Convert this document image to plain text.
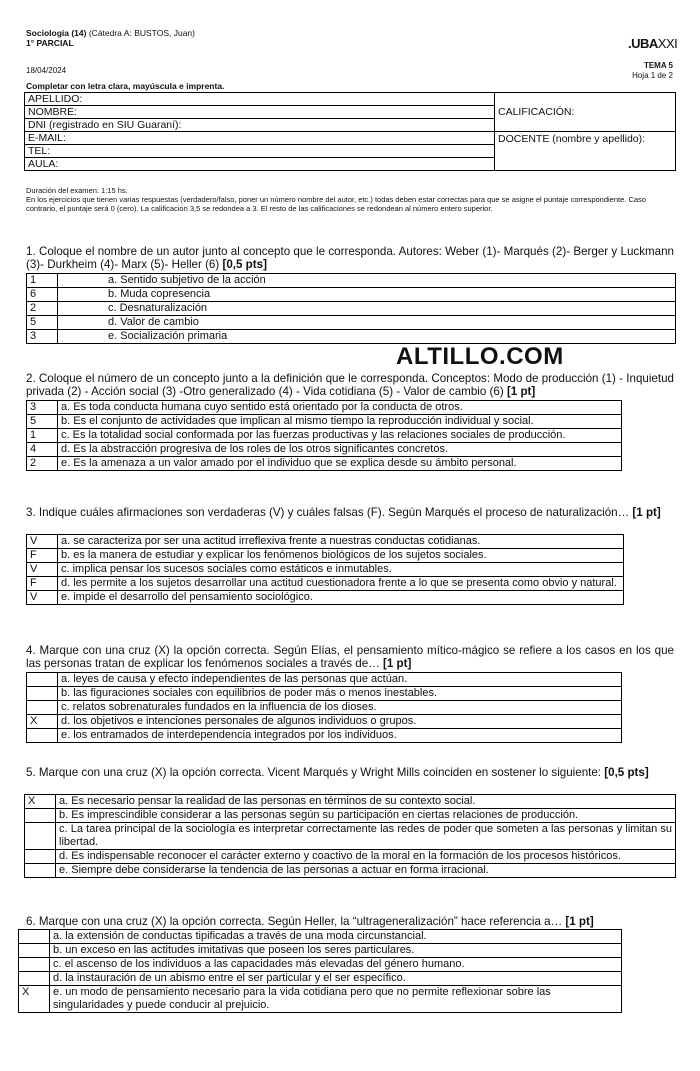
Sociología (14) (Cátedra A: BUSTOS, Juan)
1° PARCIAL
18/04/2024
.UBAXXI
TEMA 5
Hoja 1 de 2
Completar con letra clara, mayúscula e imprenta.
APELLIDO:	CALIFICACIÓN:
NOMBRE:	
DNI (registrado en SIU Guaraní):	
E-MAIL:	DOCENTE (nombre y apellido):
TEL:	
AULA:	
Duración del examen: 1:15 hs.
En los ejercicios que tienen varias respuestas (verdadero/falso, poner un número nombre del autor, etc.) todas deben estar correctas para que se asigne el puntaje correspondiente. Caso contrario, el puntaje será 0 (cero). La calificación 3,5 se redondea a 3. El resto de las calificaciones se redondean al número entero superior.
1. Coloque el nombre de un autor junto al concepto que le corresponda. Autores: Weber (1)- Marqués (2)- Berger y Luckmann (3)- Durkheim (4)- Marx (5)- Heller (6) [0,5 pts]
1	a. Sentido subjetivo de la acción
6	b. Muda copresencia
2	c. Desnaturalización
5	d. Valor de cambio
3	e. Socialización primaria
ALTILLO.COM
2. Coloque el número de un concepto junto a la definición que le corresponda. Conceptos: Modo de producción (1) - Inquietud privada (2) - Acción social (3) -Otro generalizado (4) - Vida cotidiana (5) - Valor de cambio (6) [1 pt]
3	a. Es toda conducta humana cuyo sentido está orientado por la conducta de otros.
5	b. Es el conjunto de actividades que implican al mismo tiempo la reproducción individual y social.
1	c. Es la totalidad social conformada por las fuerzas productivas y las relaciones sociales de producción.
4	d. Es la abstracción progresiva de los roles de los otros significantes concretos.
2	e. Es la amenaza a un valor amado por el individuo que se explica desde su ámbito personal.
3. Indique cuáles afirmaciones son verdaderas (V) y cuáles falsas (F). Según Marqués el proceso de naturalización… [1 pt]
V	a. se caracteriza por ser una actitud irreflexiva frente a nuestras conductas cotidianas.
F	b. es la manera de estudiar y explicar los fenómenos biológicos de los sujetos sociales.
V	c. implica pensar los sucesos sociales como estáticos e inmutables.
F	d. les permite a los sujetos desarrollar una actitud cuestionadora frente a lo que se presenta como obvio y natural.
V	e. impide el desarrollo del pensamiento sociológico.
4. Marque con una cruz (X) la opción correcta. Según Elías, el pensamiento mítico-mágico se refiere a los casos en los que las personas tratan de explicar los fenómenos sociales a través de… [1 pt]
	a. leyes de causa y efecto independientes de las personas que actúan.
	b. las figuraciones sociales con equilibrios de poder más o menos inestables.
	c. relatos sobrenaturales fundados en la influencia de los dioses.
X	d. los objetivos e intenciones personales de algunos individuos o grupos.
	e. los entramados de interdependencia integrados por los individuos.
5. Marque con una cruz (X) la opción correcta. Vicent Marqués y Wright Mills coinciden en sostener lo siguiente: [0,5 pts]
X	a. Es necesario pensar la realidad de las personas en términos de su contexto social.
	b. Es imprescindible considerar a las personas según su participación en ciertas relaciones de producción.
	c. La tarea principal de la sociología es interpretar correctamente las redes de poder que someten a las personas y limitan su libertad.
	d. Es indispensable reconocer el carácter externo y coactivo de la moral en la formación de los procesos históricos.
	e. Siempre debe considerarse la tendencia de las personas a actuar en forma irracional.
6. Marque con una cruz (X) la opción correcta. Según Heller, la “ultrageneralización” hace referencia a… [1 pt]
	a. la extensión de conductas tipificadas a través de una moda circunstancial.
	b. un exceso en las actitudes imitativas que poseen los seres particulares.
	c. el ascenso de los individuos a las capacidades más elevadas del género humano.
	d. la instauración de un abismo entre el ser particular y el ser específico.
X	e. un modo de pensamiento necesario para la vida cotidiana pero que no permite reflexionar sobre las singularidades y puede conducir al prejuicio.
